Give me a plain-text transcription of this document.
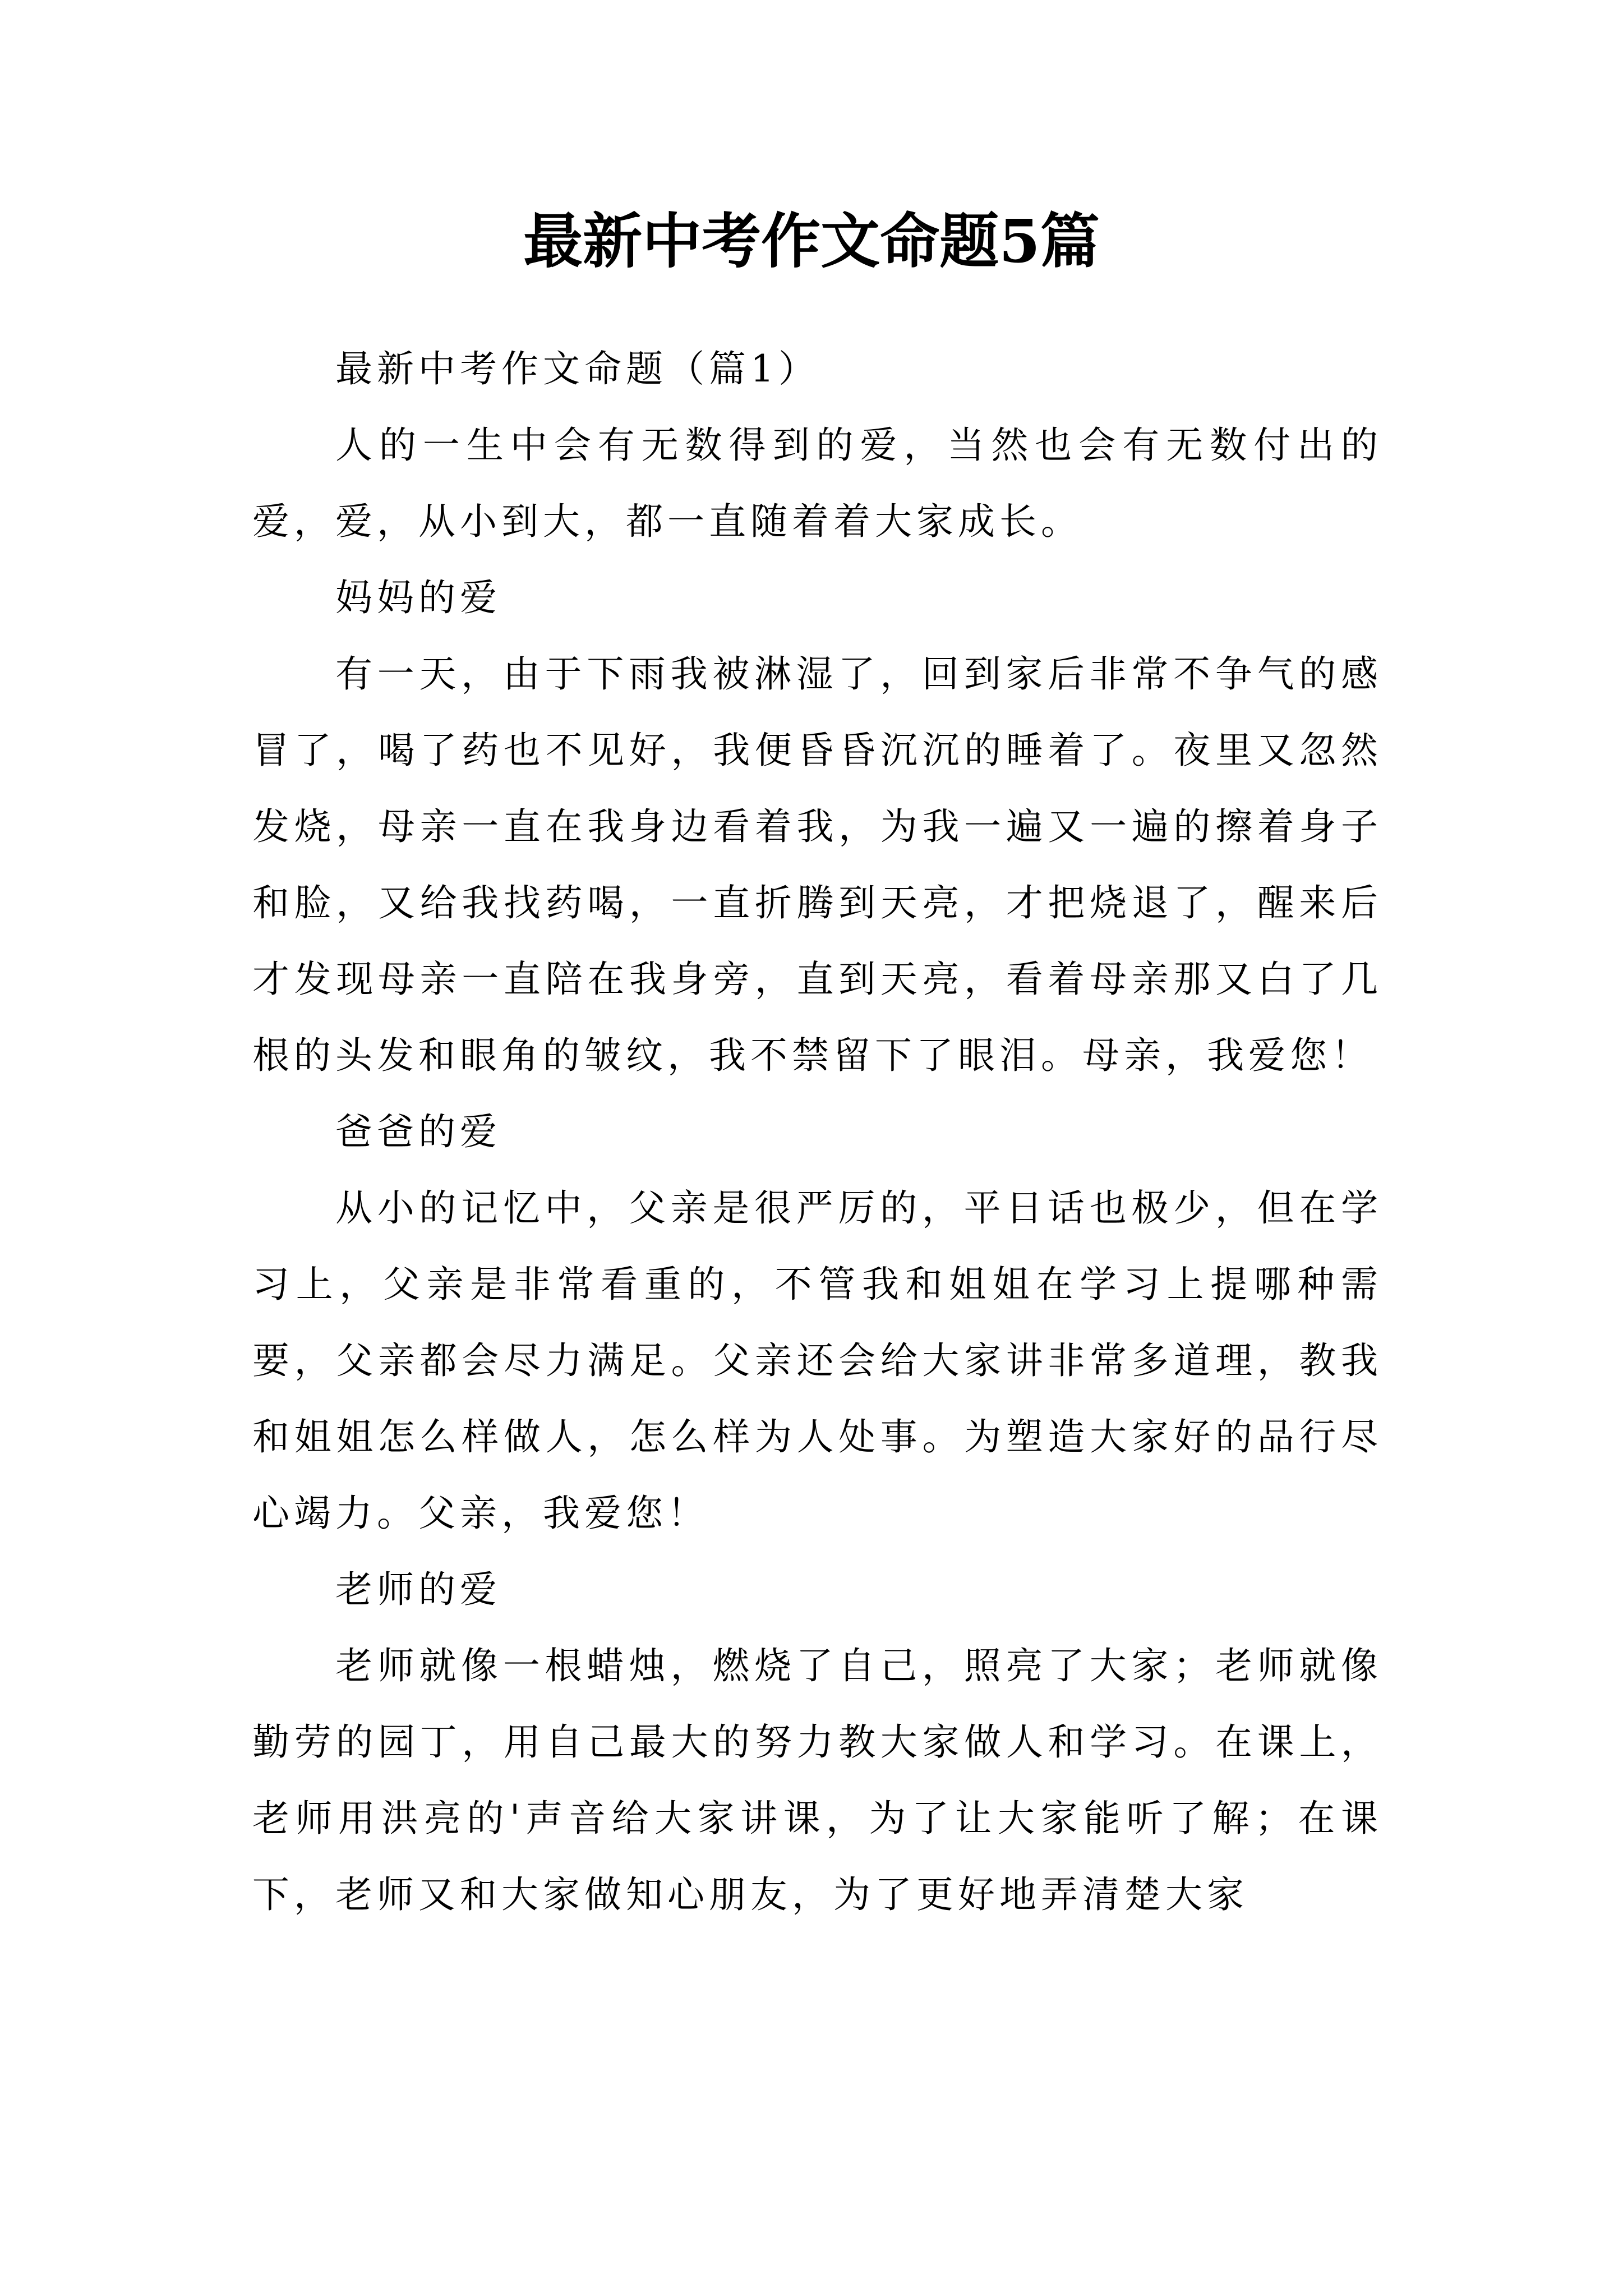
最新中考作文命题5篇

最新中考作文命题（篇1）

人的一生中会有无数得到的爱，当然也会有无数付出的爱，爱，从小到大，都一直随着着大家成长。

妈妈的爱

有一天，由于下雨我被淋湿了，回到家后非常不争气的感冒了，喝了药也不见好，我便昏昏沉沉的睡着了。夜里又忽然发烧，母亲一直在我身边看着我，为我一遍又一遍的擦着身子和脸，又给我找药喝，一直折腾到天亮，才把烧退了，醒来后才发现母亲一直陪在我身旁，直到天亮，看着母亲那又白了几根的头发和眼角的皱纹，我不禁留下了眼泪。母亲，我爱您！

爸爸的爱

从小的记忆中，父亲是很严厉的，平日话也极少，但在学习上，父亲是非常看重的，不管我和姐姐在学习上提哪种需要，父亲都会尽力满足。父亲还会给大家讲非常多道理，教我和姐姐怎么样做人，怎么样为人处事。为塑造大家好的品行尽心竭力。父亲，我爱您！

老师的爱

老师就像一根蜡烛，燃烧了自己，照亮了大家；老师就像勤劳的园丁，用自己最大的努力教大家做人和学习。在课上，老师用洪亮的'声音给大家讲课，为了让大家能听了解；在课下，老师又和大家做知心朋友，为了更好地弄清楚大家
